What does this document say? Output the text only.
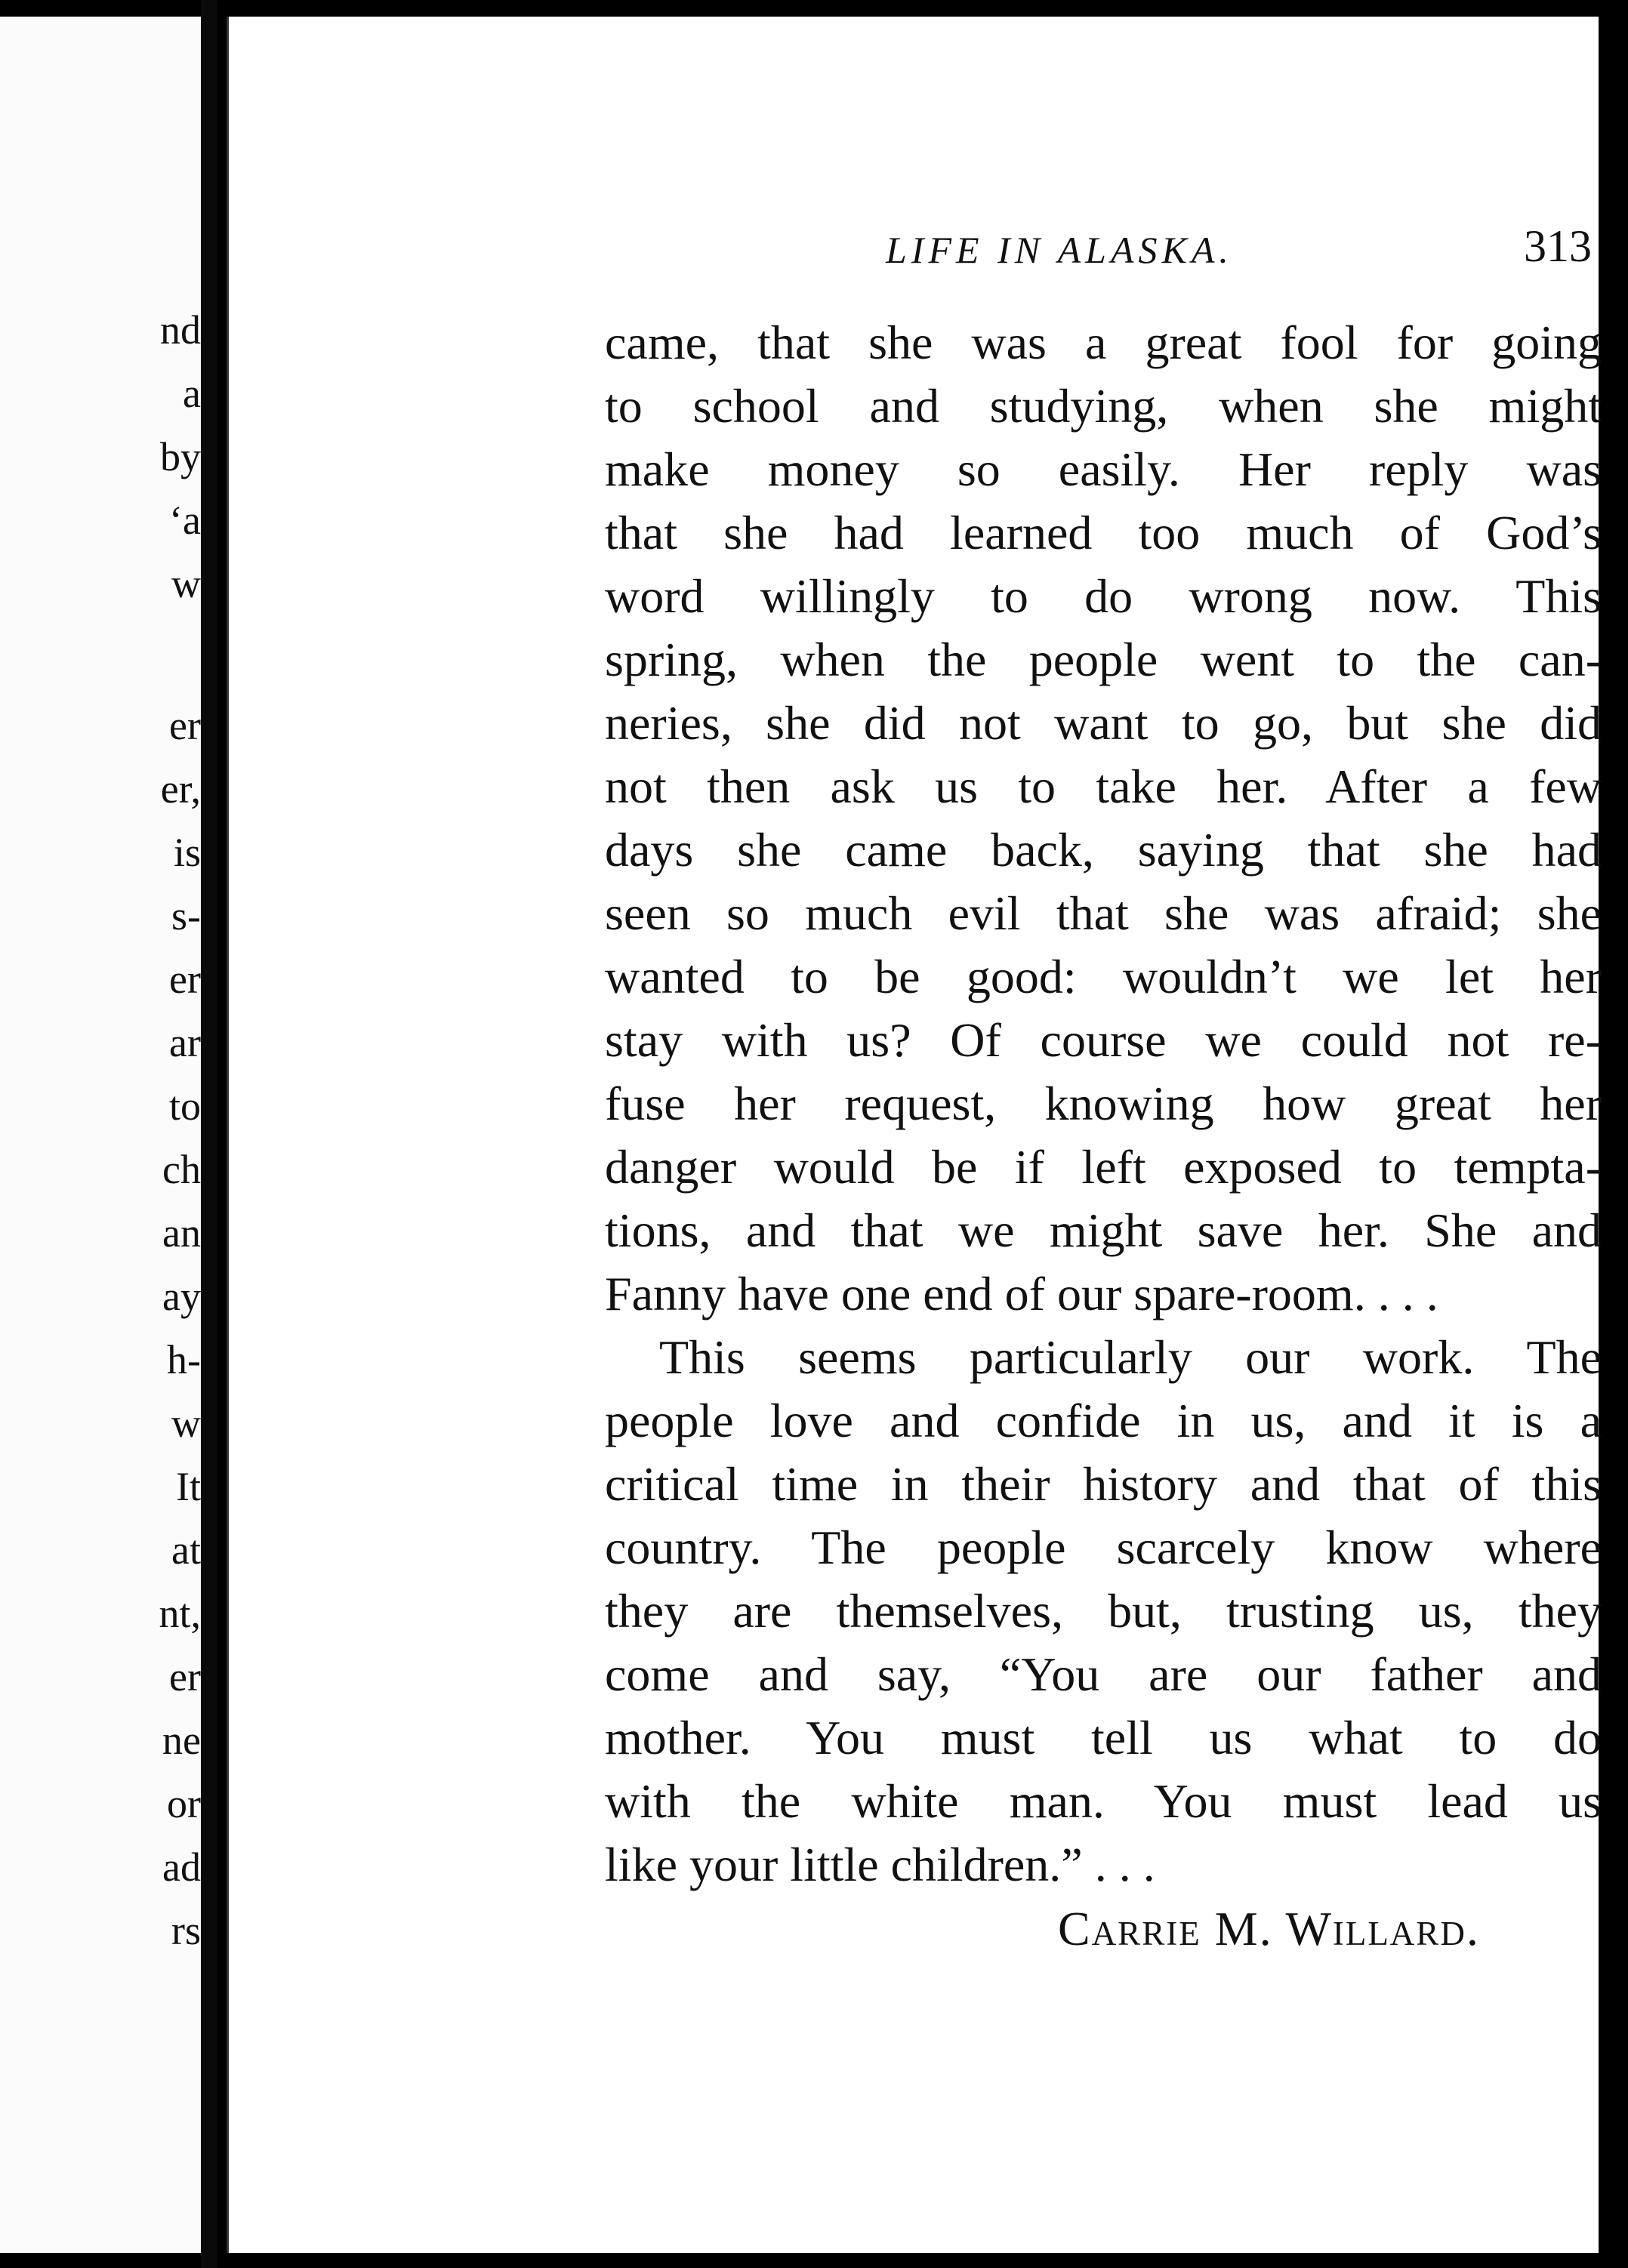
nd
a
by
‘a
w
er
er,
is
s-
er
ar
to
ch
an
ay
h-
w
It
at
nt,
er
ne
or
ad
rs
LIFE IN ALASKA.	313
came, that she was a great fool for going
to school and studying, when she might
make money so easily. Her reply was
that she had learned too much of God’s
word willingly to do wrong now. This
spring, when the people went to the can-
neries, she did not want to go, but she did
not then ask us to take her. After a few
days she came back, saying that she had
seen so much evil that she was afraid; she
wanted to be good: wouldn’t we let her
stay with us? Of course we could not re-
fuse her request, knowing how great her
danger would be if left exposed to tempta-
tions, and that we might save her. She and
Fanny have one end of our spare-room. . . .
This seems particularly our work. The
people love and confide in us, and it is a
critical time in their history and that of this
country. The people scarcely know where
they are themselves, but, trusting us, they
come and say, “You are our father and
mother. You must tell us what to do
with the white man. You must lead us
like your little children.” . . .
Carrie M. Willard.
